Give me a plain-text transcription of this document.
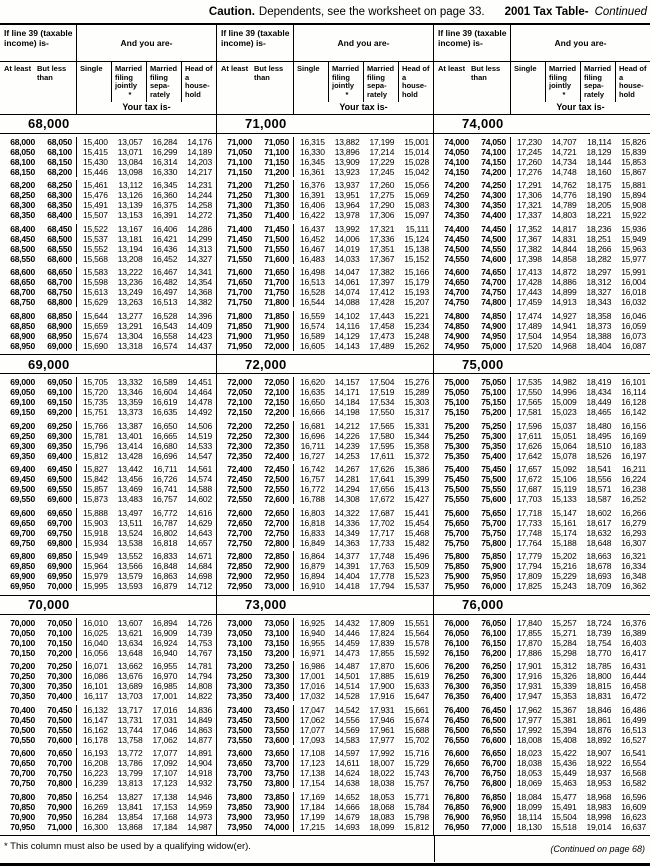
Caution. Dependents, see the worksheet on page 33. 2001 Tax Table- Continued
If line 39 (taxable income) is-	And you are-
At least But less than
Single	Married filing jointly
*
Married filing sepa- rately
Head of a house- hold
Your tax is-
68,000
68,000	68,050	15,400	13,057	16,284	14,176
68,050	68,100	15,415	13,071	16,299	14,189
68,100	68,150	15,430	13,084	16,314	14,203
68,150	68,200	15,446	13,098	16,330	14,217
68,200	68,250	15,461	13,112	16,345	14,231
68,250	68,300	15,476	13,126	16,360	14,244
68,300	68,350	15,491	13,139	16,375	14,258
68,350	68,400	15,507	13,153	16,391	14,272
68,400	68,450	15,522	13,167	16,406	14,286
68,450	68,500	15,537	13,181	16,421	14,299
68,500	68,550	15,552	13,194	16,436	14,313
68,550	68,600	15,568	13,208	16,452	14,327
68,600	68,650	15,583	13,222	16,467	14,341
68,650	68,700	15,598	13,236	16,482	14,354
68,700	68,750	15,613	13,249	16,497	14,368
68,750	68,800	15,629	13,263	16,513	14,382
68,800	68,850	15,644	13,277	16,528	14,396
68,850	68,900	15,659	13,291	16,543	14,409
68,900	68,950	15,674	13,304	16,558	14,423
68,950	69,000	15,690	13,318	16,574	14,437
69,000
69,000	69,050	15,705	13,332	16,589	14,451
69,050	69,100	15,720	13,346	16,604	14,464
69,100	69,150	15,735	13,359	16,619	14,478
69,150	69,200	15,751	13,373	16,635	14,492
69,200	69,250	15,766	13,387	16,650	14,506
69,250	69,300	15,781	13,401	16,665	14,519
69,300	69,350	15,796	13,414	16,680	14,533
69,350	69,400	15,812	13,428	16,696	14,547
69,400	69,450	15,827	13,442	16,711	14,561
69,450	69,500	15,842	13,456	16,726	14,574
69,500	69,550	15,857	13,469	16,741	14,588
69,550	69,600	15,873	13,483	16,757	14,602
69,600	69,650	15,888	13,497	16,772	14,616
69,650	69,700	15,903	13,511	16,787	14,629
69,700	69,750	15,918	13,524	16,802	14,643
69,750	69,800	15,934	13,538	16,818	14,657
69,800	69,850	15,949	13,552	16,833	14,671
69,850	69,900	15,964	13,566	16,848	14,684
69,900	69,950	15,979	13,579	16,863	14,698
69,950	70,000	15,995	13,593	16,879	14,712
70,000
70,000	70,050	16,010	13,607	16,894	14,726
70,050	70,100	16,025	13,621	16,909	14,739
70,100	70,150	16,040	13,634	16,924	14,753
70,150	70,200	16,056	13,648	16,940	14,767
70,200	70,250	16,071	13,662	16,955	14,781
70,250	70,300	16,086	13,676	16,970	14,794
70,300	70,350	16,101	13,689	16,985	14,808
70,350	70,400	16,117	13,703	17,001	14,822
70,400	70,450	16,132	13,717	17,016	14,836
70,450	70,500	16,147	13,731	17,031	14,849
70,500	70,550	16,162	13,744	17,046	14,863
70,550	70,600	16,178	13,758	17,062	14,877
70,600	70,650	16,193	13,772	17,077	14,891
70,650	70,700	16,208	13,786	17,092	14,904
70,700	70,750	16,223	13,799	17,107	14,918
70,750	70,800	16,239	13,813	17,123	14,932
70,800	70,850	16,254	13,827	17,138	14,946
70,850	70,900	16,269	13,841	17,153	14,959
70,900	70,950	16,284	13,854	17,168	14,973
70,950	71,000	16,300	13,868	17,184	14,987
If line 39 (taxable income) is-	And you are-
At least But less than
Single	Married filing jointly
*
Married filing sepa- rately
Head of a house- hold
Your tax is-
71,000
71,000	71,050	16,315	13,882	17,199	15,001
71,050	71,100	16,330	13,896	17,214	15,014
71,100	71,150	16,345	13,909	17,229	15,028
71,150	71,200	16,361	13,923	17,245	15,042
71,200	71,250	16,376	13,937	17,260	15,056
71,250	71,300	16,391	13,951	17,275	15,069
71,300	71,350	16,406	13,964	17,290	15,083
71,350	71,400	16,422	13,978	17,306	15,097
71,400	71,450	16,437	13,992	17,321	15,111
71,450	71,500	16,452	14,006	17,336	15,124
71,500	71,550	16,467	14,019	17,351	15,138
71,550	71,600	16,483	14,033	17,367	15,152
71,600	71,650	16,498	14,047	17,382	15,166
71,650	71,700	16,513	14,061	17,397	15,179
71,700	71,750	16,528	14,074	17,412	15,193
71,750	71,800	16,544	14,088	17,428	15,207
71,800	71,850	16,559	14,102	17,443	15,221
71,850	71,900	16,574	14,116	17,458	15,234
71,900	71,950	16,589	14,129	17,473	15,248
71,950	72,000	16,605	14,143	17,489	15,262
72,000
72,000	72,050	16,620	14,157	17,504	15,276
72,050	72,100	16,635	14,171	17,519	15,289
72,100	72,150	16,650	14,184	17,534	15,303
72,150	72,200	16,666	14,198	17,550	15,317
72,200	72,250	16,681	14,212	17,565	15,331
72,250	72,300	16,696	14,226	17,580	15,344
72,300	72,350	16,711	14,239	17,595	15,358
72,350	72,400	16,727	14,253	17,611	15,372
72,400	72,450	16,742	14,267	17,626	15,386
72,450	72,500	16,757	14,281	17,641	15,399
72,500	72,550	16,772	14,294	17,656	15,413
72,550	72,600	16,788	14,308	17,672	15,427
72,600	72,650	16,803	14,322	17,687	15,441
72,650	72,700	16,818	14,336	17,702	15,454
72,700	72,750	16,833	14,349	17,717	15,468
72,750	72,800	16,849	14,363	17,733	15,482
72,800	72,850	16,864	14,377	17,748	15,496
72,850	72,900	16,879	14,391	17,763	15,509
72,900	72,950	16,894	14,404	17,778	15,523
72,950	73,000	16,910	14,418	17,794	15,537
73,000
73,000	73,050	16,925	14,432	17,809	15,551
73,050	73,100	16,940	14,446	17,824	15,564
73,100	73,150	16,955	14,459	17,839	15,578
73,150	73,200	16,971	14,473	17,855	15,592
73,200	73,250	16,986	14,487	17,870	15,606
73,250	73,300	17,001	14,501	17,885	15,619
73,300	73,350	17,016	14,514	17,900	15,633
73,350	73,400	17,032	14,528	17,916	15,647
73,400	73,450	17,047	14,542	17,931	15,661
73,450	73,500	17,062	14,556	17,946	15,674
73,500	73,550	17,077	14,569	17,961	15,688
73,550	73,600	17,093	14,583	17,977	15,702
73,600	73,650	17,108	14,597	17,992	15,716
73,650	73,700	17,123	14,611	18,007	15,729
73,700	73,750	17,138	14,624	18,022	15,743
73,750	73,800	17,154	14,638	18,038	15,757
73,800	73,850	17,169	14,652	18,053	15,771
73,850	73,900	17,184	14,666	18,068	15,784
73,900	73,950	17,199	14,679	18,083	15,798
73,950	74,000	17,215	14,693	18,099	15,812
If line 39 (taxable income) is-	And you are-
At least But less than
Single	Married filing jointly
*
Married filing sepa- rately
Head of a house- hold
Your tax is-
74,000
74,000	74,050	17,230	14,707	18,114	15,826
74,050	74,100	17,245	14,721	18,129	15,839
74,100	74,150	17,260	14,734	18,144	15,853
74,150	74,200	17,276	14,748	18,160	15,867
74,200	74,250	17,291	14,762	18,175	15,881
74,250	74,300	17,306	14,776	18,190	15,894
74,300	74,350	17,321	14,789	18,205	15,908
74,350	74,400	17,337	14,803	18,221	15,922
74,400	74,450	17,352	14,817	18,236	15,936
74,450	74,500	17,367	14,831	18,251	15,949
74,500	74,550	17,382	14,844	18,266	15,963
74,550	74,600	17,398	14,858	18,282	15,977
74,600	74,650	17,413	14,872	18,297	15,991
74,650	74,700	17,428	14,886	18,312	16,004
74,700	74,750	17,443	14,899	18,327	16,018
74,750	74,800	17,459	14,913	18,343	16,032
74,800	74,850	17,474	14,927	18,358	16,046
74,850	74,900	17,489	14,941	18,373	16,059
74,900	74,950	17,504	14,954	18,388	16,073
74,950	75,000	17,520	14,968	18,404	16,087
75,000
75,000	75,050	17,535	14,982	18,419	16,101
75,050	75,100	17,550	14,996	18,434	16,114
75,100	75,150	17,565	15,009	18,449	16,128
75,150	75,200	17,581	15,023	18,465	16,142
75,200	75,250	17,596	15,037	18,480	16,156
75,250	75,300	17,611	15,051	18,495	16,169
75,300	75,350	17,626	15,064	18,510	16,183
75,350	75,400	17,642	15,078	18,526	16,197
75,400	75,450	17,657	15,092	18,541	16,211
75,450	75,500	17,672	15,106	18,556	16,224
75,500	75,550	17,687	15,119	18,571	16,238
75,550	75,600	17,703	15,133	18,587	16,252
75,600	75,650	17,718	15,147	18,602	16,266
75,650	75,700	17,733	15,161	18,617	16,279
75,700	75,750	17,748	15,174	18,632	16,293
75,750	75,800	17,764	15,188	18,648	16,307
75,800	75,850	17,779	15,202	18,663	16,321
75,850	75,900	17,794	15,216	18,678	16,334
75,900	75,950	17,809	15,229	18,693	16,348
75,950	76,000	17,825	15,243	18,709	16,362
76,000
76,000	76,050	17,840	15,257	18,724	16,376
76,050	76,100	17,855	15,271	18,739	16,389
76,100	76,150	17,870	15,284	18,754	16,403
76,150	76,200	17,886	15,298	18,770	16,417
76,200	76,250	17,901	15,312	18,785	16,431
76,250	76,300	17,916	15,326	18,800	16,444
76,300	76,350	17,931	15,339	18,815	16,458
76,350	76,400	17,947	15,353	18,831	16,472
76,400	76,450	17,962	15,367	18,846	16,486
76,450	76,500	17,977	15,381	18,861	16,499
76,500	76,550	17,992	15,394	18,876	16,513
76,550	76,600	18,008	15,408	18,892	16,527
76,600	76,650	18,023	15,422	18,907	16,541
76,650	76,700	18,038	15,436	18,922	16,554
76,700	76,750	18,053	15,449	18,937	16,568
76,750	76,800	18,069	15,463	18,953	16,582
76,800	76,850	18,084	15,477	18,968	16,596
76,850	76,900	18,099	15,491	18,983	16,609
76,900	76,950	18,114	15,504	18,998	16,623
76,950	77,000	18,130	15,518	19,014	16,637
* This column must also be used by a qualifying widow(er).	(Continued on page 68)
